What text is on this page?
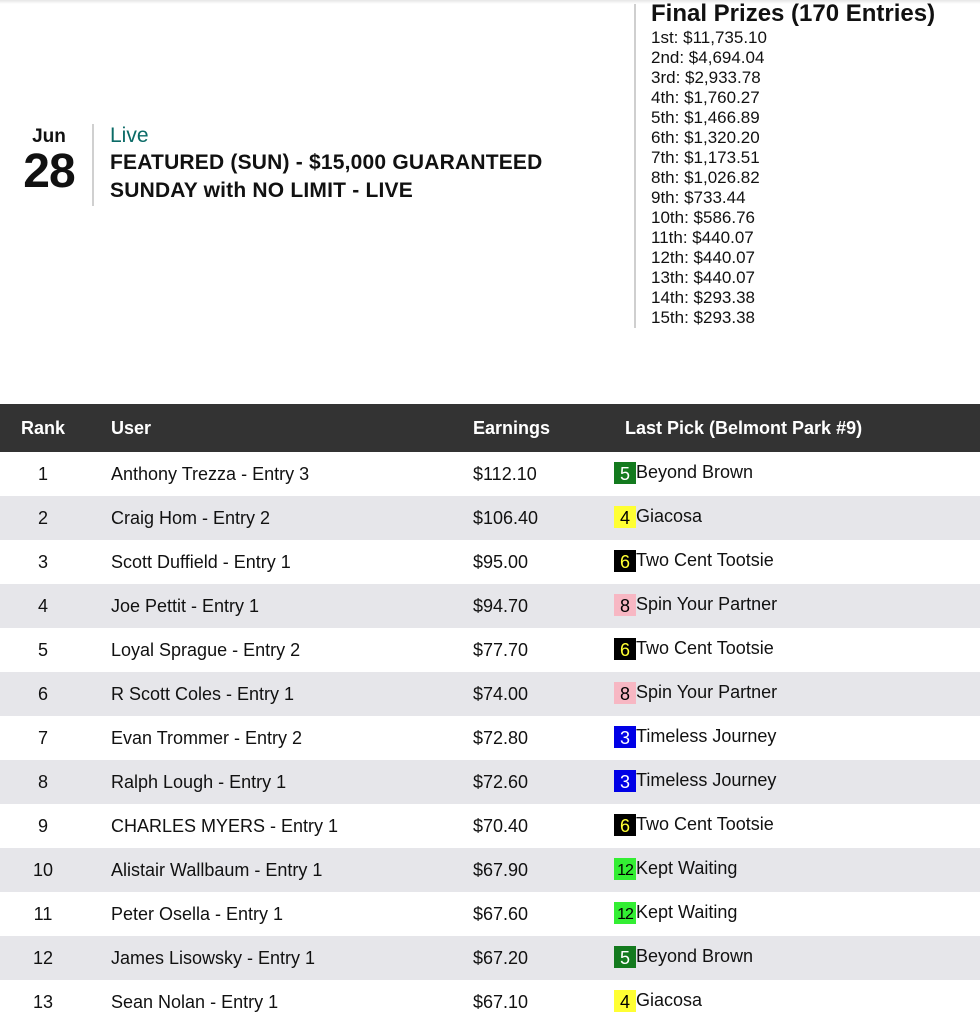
Jun
28
Live
FEATURED (SUN) - $15,000 GUARANTEED
SUNDAY with NO LIMIT - LIVE
Final Prizes (170 Entries)
1st: $11,735.10
2nd: $4,694.04
3rd: $2,933.78
4th: $1,760.27
5th: $1,466.89
6th: $1,320.20
7th: $1,173.51
8th: $1,026.82
9th: $733.44
10th: $586.76
11th: $440.07
12th: $440.07
13th: $440.07
14th: $293.38
15th: $293.38
Rank	User	Earnings	Last Pick (Belmont Park #9)
1	Anthony Trezza - Entry 3	$112.10	5 Beyond Brown
2	Craig Hom - Entry 2	$106.40	4 Giacosa
3	Scott Duffield - Entry 1	$95.00	6 Two Cent Tootsie
4	Joe Pettit - Entry 1	$94.70	8 Spin Your Partner
5	Loyal Sprague - Entry 2	$77.70	6 Two Cent Tootsie
6	R Scott Coles - Entry 1	$74.00	8 Spin Your Partner
7	Evan Trommer - Entry 2	$72.80	3 Timeless Journey
8	Ralph Lough - Entry 1	$72.60	3 Timeless Journey
9	CHARLES MYERS - Entry 1	$70.40	6 Two Cent Tootsie
10	Alistair Wallbaum - Entry 1	$67.90	12 Kept Waiting
11	Peter Osella - Entry 1	$67.60	12 Kept Waiting
12	James Lisowsky - Entry 1	$67.20	5 Beyond Brown
13	Sean Nolan - Entry 1	$67.10	4 Giacosa
